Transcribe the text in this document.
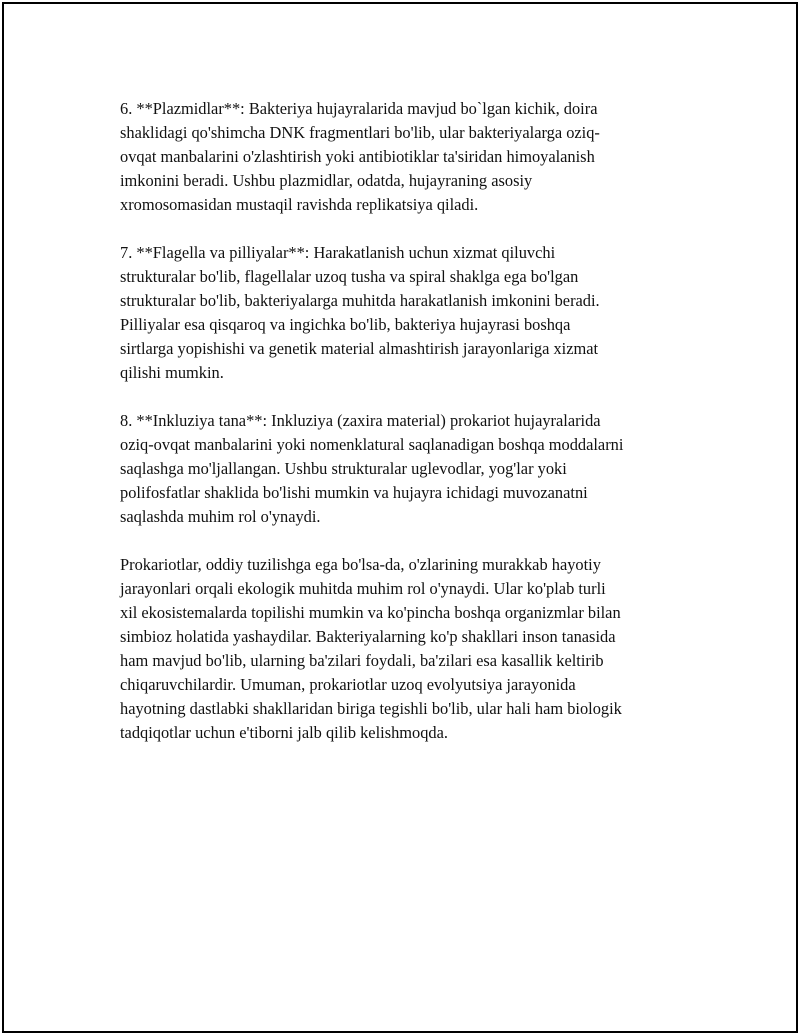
6. **Plazmidlar**: Bakteriya hujayralarida mavjud bo`lgan kichik, doira
shaklidagi qo'shimcha DNK fragmentlari bo'lib, ular bakteriyalarga oziq-
ovqat manbalarini o'zlashtirish yoki antibiotiklar ta'siridan himoyalanish
imkonini beradi. Ushbu plazmidlar, odatda, hujayraning asosiy
xromosomasidan mustaqil ravishda replikatsiya qiladi.

7. **Flagella va pilliyalar**: Harakatlanish uchun xizmat qiluvchi
strukturalar bo'lib, flagellalar uzoq tusha va spiral shaklga ega bo'lgan
strukturalar bo'lib, bakteriyalarga muhitda harakatlanish imkonini beradi.
Pilliyalar esa qisqaroq va ingichka bo'lib, bakteriya hujayrasi boshqa
sirtlarga yopishishi va genetik material almashtirish jarayonlariga xizmat
qilishi mumkin.

8. **Inkluziya tana**: Inkluziya (zaxira material) prokariot hujayralarida
oziq-ovqat manbalarini yoki nomenklatural saqlanadigan boshqa moddalarni
saqlashga mo'ljallangan. Ushbu strukturalar uglevodlar, yog'lar yoki
polifosfatlar shaklida bo'lishi mumkin va hujayra ichidagi muvozanatni
saqlashda muhim rol o'ynaydi.

Prokariotlar, oddiy tuzilishga ega bo'lsa-da, o'zlarining murakkab hayotiy
jarayonlari orqali ekologik muhitda muhim rol o'ynaydi. Ular ko'plab turli
xil ekosistemalarda topilishi mumkin va ko'pincha boshqa organizmlar bilan
simbioz holatida yashaydilar. Bakteriyalarning ko'p shakllari inson tanasida
ham mavjud bo'lib, ularning ba'zilari foydali, ba'zilari esa kasallik keltirib
chiqaruvchilardir. Umuman, prokariotlar uzoq evolyutsiya jarayonida
hayotning dastlabki shakllaridan biriga tegishli bo'lib, ular hali ham biologik
tadqiqotlar uchun e'tiborni jalb qilib kelishmoqda.
